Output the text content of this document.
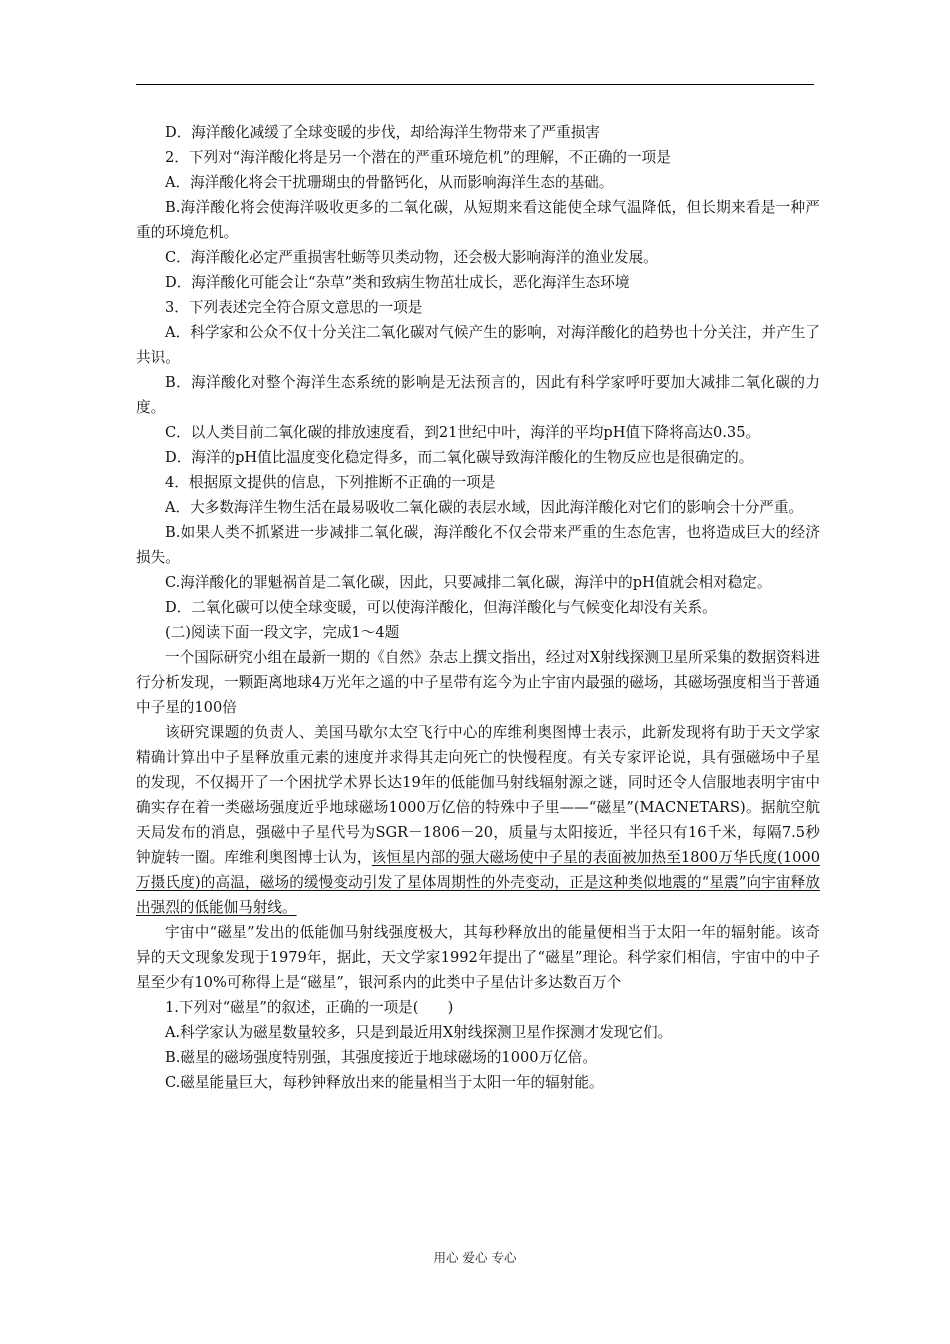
D．海洋酸化减缓了全球变暖的步伐，却给海洋生物带来了严重损害

2．下列对“海洋酸化将是另一个潜在的严重环境危机”的理解，不正确的一项是

A．海洋酸化将会干扰珊瑚虫的骨骼钙化，从而影响海洋生态的基础。

B.海洋酸化将会使海洋吸收更多的二氧化碳，从短期来看这能使全球气温降低，但长期来看是一种严重的环境危机。

C．海洋酸化必定严重损害牡蛎等贝类动物，还会极大影响海洋的渔业发展。

D．海洋酸化可能会让“杂草”类和致病生物茁壮成长，恶化海洋生态环境

3．下列表述完全符合原文意思的一项是

A．科学家和公众不仅十分关注二氧化碳对气候产生的影响，对海洋酸化的趋势也十分关注，并产生了共识。

B．海洋酸化对整个海洋生态系统的影响是无法预言的，因此有科学家呼吁要加大减排二氧化碳的力度。

C．以人类目前二氧化碳的排放速度看，到21世纪中叶，海洋的平均pH值下降将高达0.35。

D．海洋的pH值比温度变化稳定得多，而二氧化碳导致海洋酸化的生物反应也是很确定的。

4．根据原文提供的信息，下列推断不正确的一项是

A．大多数海洋生物生活在最易吸收二氧化碳的表层水域，因此海洋酸化对它们的影响会十分严重。

B.如果人类不抓紧进一步减排二氧化碳，海洋酸化不仅会带来严重的生态危害，也将造成巨大的经济损失。

C.海洋酸化的罪魁祸首是二氧化碳，因此，只要减排二氧化碳，海洋中的pH值就会相对稳定。

D．二氧化碳可以使全球变暖，可以使海洋酸化，但海洋酸化与气候变化却没有关系。

(二)阅读下面一段文字，完成1～4题

一个国际研究小组在最新一期的《自然》杂志上撰文指出，经过对X射线探测卫星所采集的数据资料进行分析发现，一颗距离地球4万光年之遥的中子星带有迄今为止宇宙内最强的磁场，其磁场强度相当于普通中子星的100倍

该研究课题的负责人、美国马歇尔太空飞行中心的库维利奥图博士表示，此新发现将有助于天文学家精确计算出中子星释放重元素的速度并求得其走向死亡的快慢程度。有关专家评论说，具有强磁场中子星的发现，不仅揭开了一个困扰学术界长达19年的低能伽马射线辐射源之谜，同时还令人信服地表明宇宙中确实存在着一类磁场强度近乎地球磁场1000万亿倍的特殊中子里——“磁星”(MACNETARS)。据航空航天局发布的消息，强磁中子星代号为SGR－1806－20，质量与太阳接近，半径只有16千米，每隔7.5秒钟旋转一圈。库维利奥图博士认为，该恒星内部的强大磁场使中子星的表面被加热至1800万华氏度(1000万摄氏度)的高温，磁场的缓慢变动引发了星体周期性的外壳变动，正是这种类似地震的“星震”向宇宙释放出强烈的低能伽马射线。

宇宙中“磁星”发出的低能伽马射线强度极大，其每秒释放出的能量便相当于太阳一年的辐射能。该奇异的天文现象发现于1979年，据此，天文学家1992年提出了“磁星”理论。科学家们相信，宇宙中的中子星至少有10%可称得上是“磁星”，银河系内的此类中子星估计多达数百万个

1.下列对“磁星”的叙述，正确的一项是(　　)

A.科学家认为磁星数量较多，只是到最近用X射线探测卫星作探测才发现它们。

B.磁星的磁场强度特别强，其强度接近于地球磁场的1000万亿倍。

C.磁星能量巨大，每秒钟释放出来的能量相当于太阳一年的辐射能。

用心 爱心 专心
